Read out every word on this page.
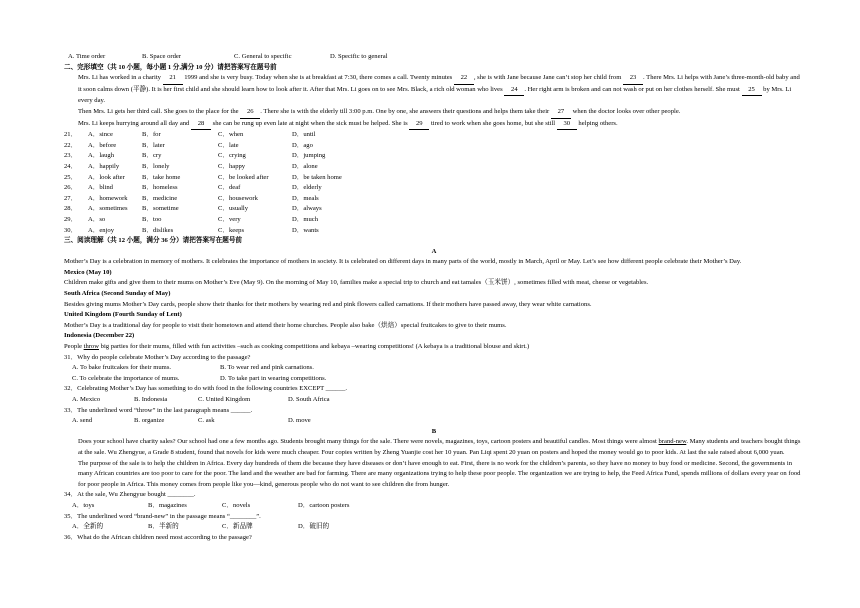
A. Time order	B. Space order	C. General to specific	D. Specific to general
二、完形填空（共 10 小题，每小题 1 分,满分 10 分）请把答案写在题号前
Mrs. Li has worked in a charity 21 1999 and she is very busy. Today when she is at breakfast at 7:30, there comes a call. Twenty minutes 22 , she is with Jane because Jane can’t stop her child from 23 . There Mrs. Li helps with Jane’s three-month-old baby and it soon calms down (平静). It is her first child and she should learn how to look after it. After that Mrs. Li goes on to see Mrs. Black, a rich old woman who lives 24 . Her right arm is broken and can not wash or put on her clothes herself. She must 25 by Mrs. Li every day.
Then Mrs. Li gets her third call. She goes to the place for the 26 . There she is with the elderly till 3:00 p.m. One by one, she answers their questions and helps them take their 27 when the doctor looks over other people.
Mrs. Li keeps hurrying around all day and 28 she can be rung up even late at night when the sick must be helped. She is 29 tired to work when she goes home, but she still 30 helping others.
21．	A．since	B．for	C．when	D．until
22．	A．before	B．later	C．late	D．ago
23．	A．laugh	B．cry	C．crying	D．jumping
24．	A．happily	B．lonely	C．happy	D．alone
25．	A．look after	B．take home	C．be looked after	D．be taken home
26．	A．blind	B．homeless	C．deaf	D．elderly
27．	A．homework	B．medicine	C．housework	D．meals
28．	A．sometimes	B．sometime	C．usually	D．always
29．	A．so	B．too	C．very	D．much
30．	A．enjoy	B．dislikes	C．keeps	D．wants
三、阅读理解（共 12 小题，满分 36 分）请把答案写在题号前
A
Mother’s Day is a celebration in memory of mothers. It celebrates the importance of mothers in society. It is celebrated on different days in many parts of the world, mostly in March, April or May. Let’s see how different people celebrate their Mother’s Day.
Mexico (May 10)
Children make gifts and give them to their mums on Mother’s Eve (May 9). On the morning of May 10, families make a special trip to church and eat tamales（玉米饼）, sometimes filled with meat, cheese or vegetables.
South Africa (Second Sunday of May)
Besides giving mums Mother’s Day cards, people show their thanks for their mothers by wearing red and pink flowers called carnations. If their mothers have passed away, they wear white carnations.
United Kingdom (Fourth Sunday of Lent)
Mother’s Day is a traditional day for people to visit their hometown and attend their home churches. People also bake（烘焙）special fruitcakes to give to their mums.
Indonesia (December 22)
People throw big parties for their mums, filled with fun activities –such as cooking competitions and kebaya –wearing competitions! (A kebaya is a traditional blouse and skirt.)
31．Why do people celebrate Mother’s Day according to the passage?
A. To bake fruitcakes for their mums.	B. To wear red and pink carnations.
C. To celebrate the importance of mums.	D. To take part in wearing competitions.
32．Celebrating Mother’s Day has something to do with food in the following countries EXCEPT ______.
A. Mexico	B. Indonesia	C. United Kingdom	D. South Africa
33．The underlined word “throw” in the last paragraph means ______.
A. send	B. organize	C. ask	D. move
B
Does your school have charity sales? Our school had one a few months ago. Students brought many things for the sale. There were novels, magazines, toys, cartoon posters and beautiful candles. Most things were almost brand-new. Many students and teachers bought things at the sale. Wu Zhengyue, a Grade 8 student, found that novels for kids were much cheaper. Four copies written by Zheng Yuanjie cost her 10 yuan. Pan Liqi spent 20 yuan on posters and hoped the money would go to poor kids. At last the sale raised about 6,000 yuan.
The purpose of the sale is to help the children in Africa. Every day hundreds of them die because they have diseases or don’t have enough to eat. First, there is no work for the children’s parents, so they have no money to buy food or medicine. Second, the governments in many African countries are too poor to care for the poor. The land and the weather are bad for farming. There are many organizations trying to help these poor people. The organization we are trying to help, the Feed Africa Fund, spends millions of dollars every year on food for poor people in Africa. This money comes from people like you—kind, generous people who do not want to see children die from hunger.
34．At the sale, Wu Zhengyue bought ________.
A．toys	B．magazines	C．novels	D．cartoon posters
35．The underlined word “brand-new” in the passage means “________”.
A．全新的	B．半新的	C．新品牌	D．破旧的
36．What do the African children need most according to the passage?
